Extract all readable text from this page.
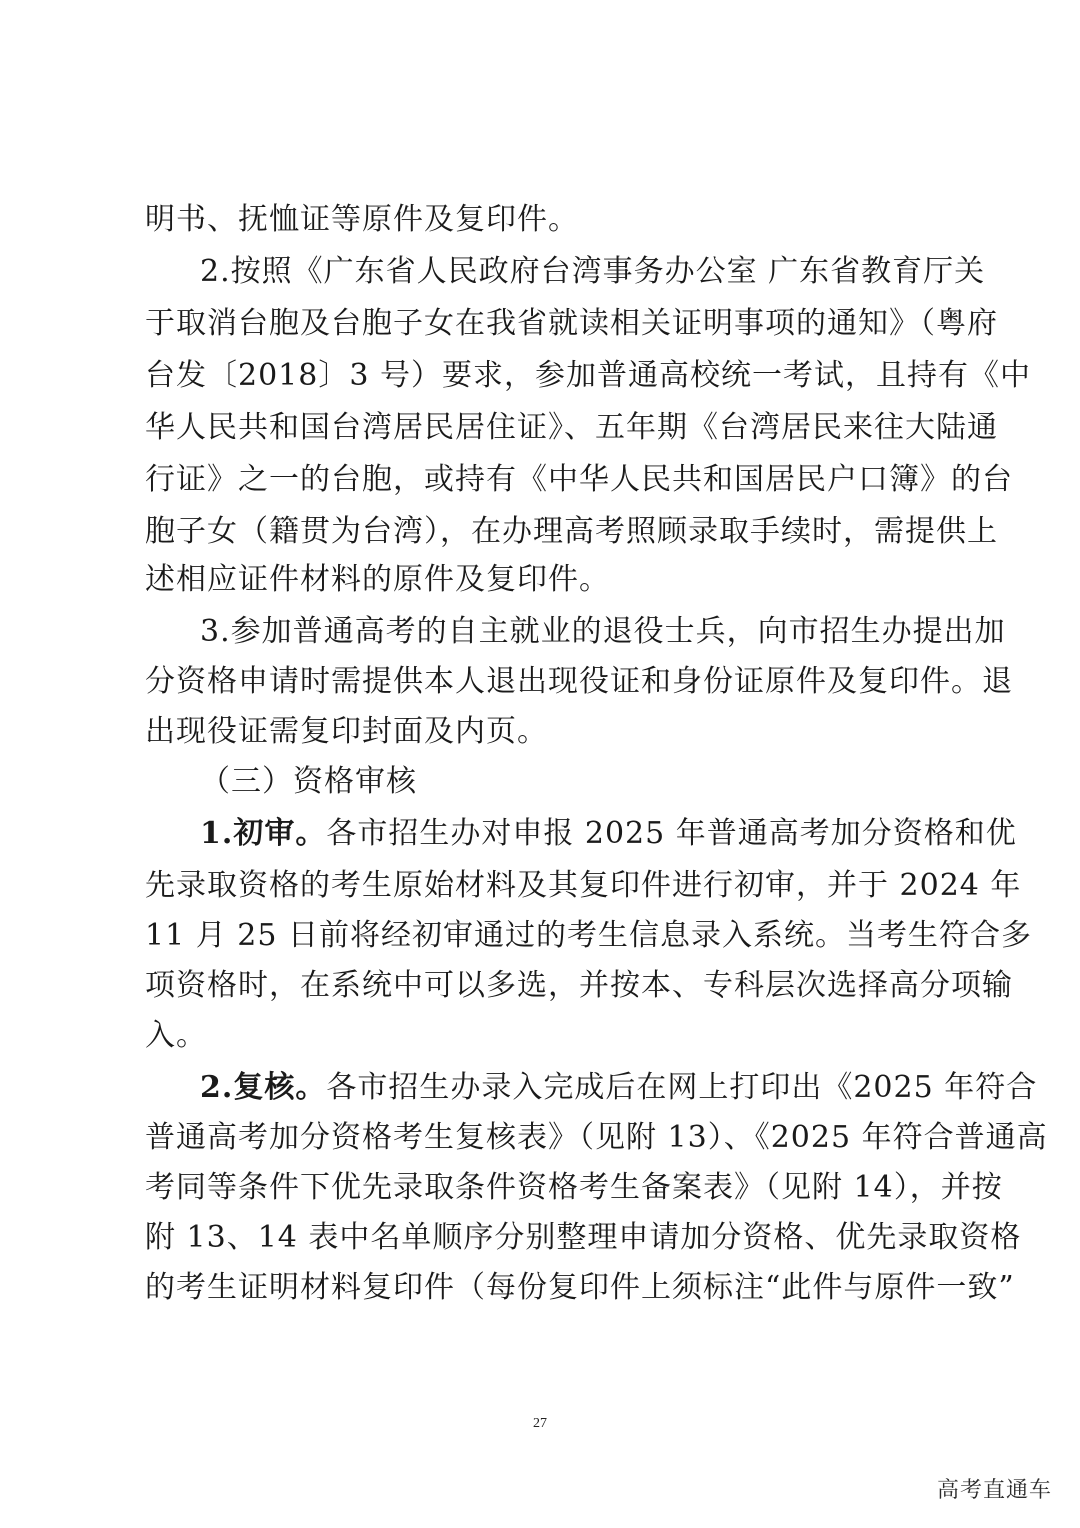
明书、抚恤证等原件及复印件。
2.按照《广东省人民政府台湾事务办公室 广东省教育厅关
于取消台胞及台胞子女在我省就读相关证明事项的通知》（粤府
台发〔2018〕3 号）要求，参加普通高校统一考试，且持有《中
华人民共和国台湾居民居住证》、五年期《台湾居民来往大陆通
行证》之一的台胞，或持有《中华人民共和国居民户口簿》的台
胞子女（籍贯为台湾），在办理高考照顾录取手续时，需提供上
述相应证件材料的原件及复印件。
3.参加普通高考的自主就业的退役士兵，向市招生办提出加
分资格申请时需提供本人退出现役证和身份证原件及复印件。退
出现役证需复印封面及内页。
（三）资格审核
1.初审。各市招生办对申报 2025 年普通高考加分资格和优
先录取资格的考生原始材料及其复印件进行初审，并于 2024 年
11 月 25 日前将经初审通过的考生信息录入系统。当考生符合多
项资格时，在系统中可以多选，并按本、专科层次选择高分项输
入。
2.复核。各市招生办录入完成后在网上打印出《2025 年符合
普通高考加分资格考生复核表》（见附 13）、《2025 年符合普通高
考同等条件下优先录取条件资格考生备案表》（见附 14），并按
附 13、14 表中名单顺序分别整理申请加分资格、优先录取资格
的考生证明材料复印件（每份复印件上须标注“此件与原件一致”
27
高考直通车
